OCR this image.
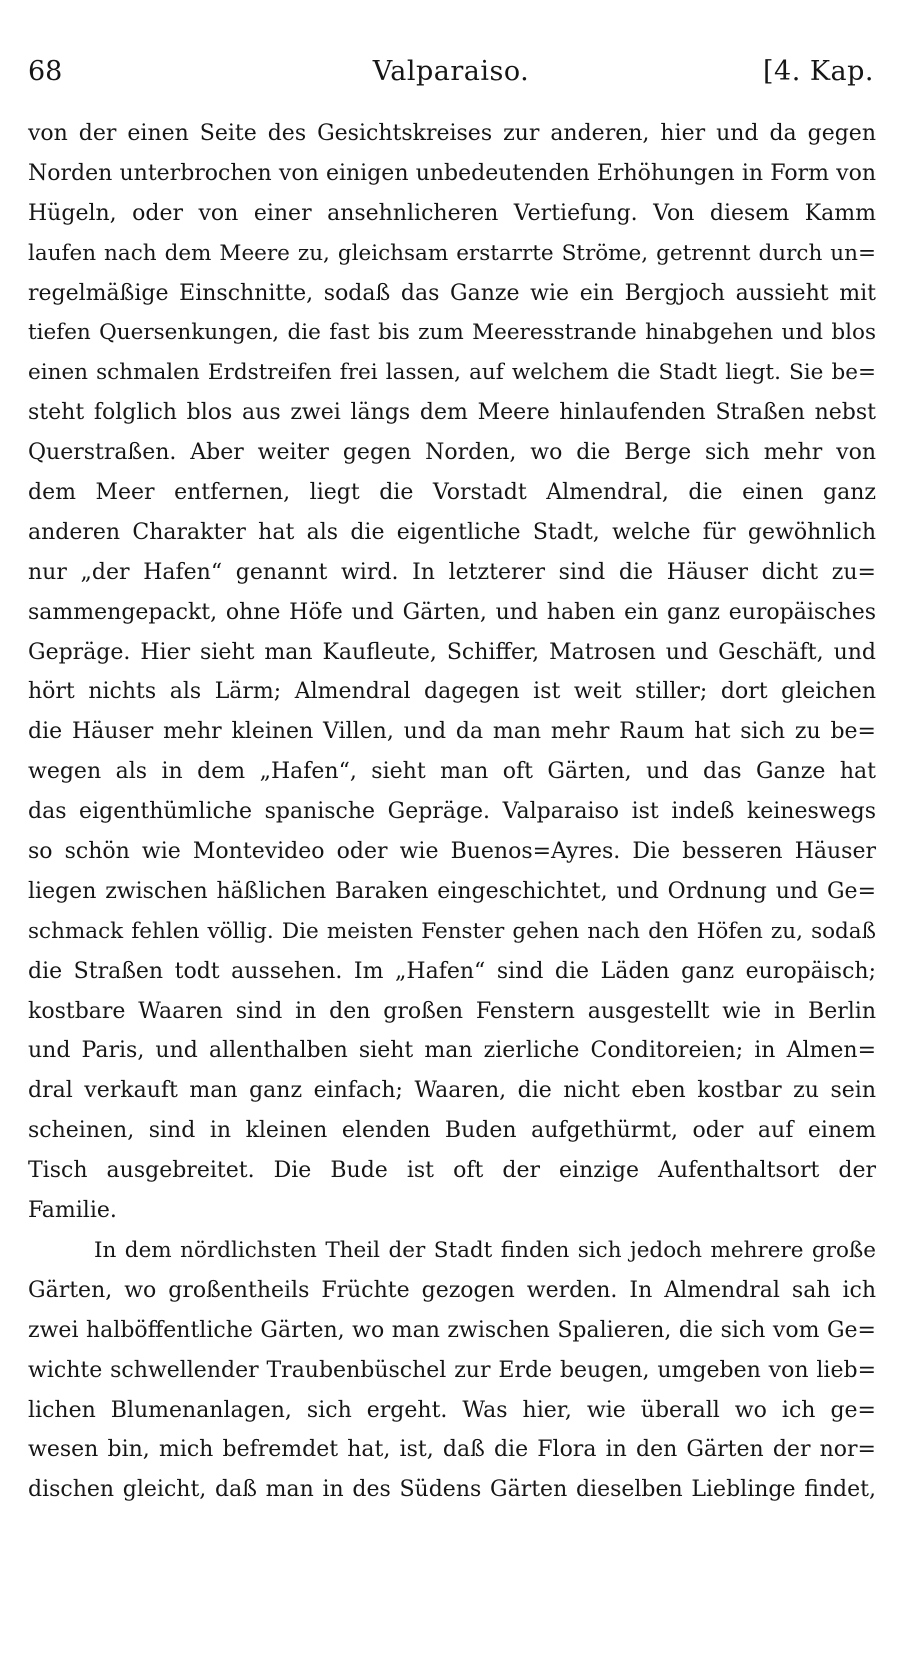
68	Valparaiso.	[4. Kap.
von der einen Seite des Gesichtskreises zur anderen, hier und da gegen
Norden unterbrochen von einigen unbedeutenden Erhöhungen in Form von
Hügeln, oder von einer ansehnlicheren Vertiefung. Von diesem Kamm
laufen nach dem Meere zu, gleichsam erstarrte Ströme, getrennt durch un=
regelmäßige Einschnitte, sodaß das Ganze wie ein Bergjoch aussieht mit
tiefen Quersenkungen, die fast bis zum Meeresstrande hinabgehen und blos
einen schmalen Erdstreifen frei lassen, auf welchem die Stadt liegt. Sie be=
steht folglich blos aus zwei längs dem Meere hinlaufenden Straßen nebst
Querstraßen. Aber weiter gegen Norden, wo die Berge sich mehr von
dem Meer entfernen, liegt die Vorstadt Almendral, die einen ganz
anderen Charakter hat als die eigentliche Stadt, welche für gewöhnlich
nur „der Hafen“ genannt wird. In letzterer sind die Häuser dicht zu=
sammengepackt, ohne Höfe und Gärten, und haben ein ganz europäisches
Gepräge. Hier sieht man Kaufleute, Schiffer, Matrosen und Geschäft, und
hört nichts als Lärm; Almendral dagegen ist weit stiller; dort gleichen
die Häuser mehr kleinen Villen, und da man mehr Raum hat sich zu be=
wegen als in dem „Hafen“, sieht man oft Gärten, und das Ganze hat
das eigenthümliche spanische Gepräge. Valparaiso ist indeß keineswegs
so schön wie Montevideo oder wie Buenos=Ayres. Die besseren Häuser
liegen zwischen häßlichen Baraken eingeschichtet, und Ordnung und Ge=
schmack fehlen völlig. Die meisten Fenster gehen nach den Höfen zu, sodaß
die Straßen todt aussehen. Im „Hafen“ sind die Läden ganz europäisch;
kostbare Waaren sind in den großen Fenstern ausgestellt wie in Berlin
und Paris, und allenthalben sieht man zierliche Conditoreien; in Almen=
dral verkauft man ganz einfach; Waaren, die nicht eben kostbar zu sein
scheinen, sind in kleinen elenden Buden aufgethürmt, oder auf einem
Tisch ausgebreitet. Die Bude ist oft der einzige Aufenthaltsort der
Familie.
In dem nördlichsten Theil der Stadt finden sich jedoch mehrere große
Gärten, wo großentheils Früchte gezogen werden. In Almendral sah ich
zwei halböffentliche Gärten, wo man zwischen Spalieren, die sich vom Ge=
wichte schwellender Traubenbüschel zur Erde beugen, umgeben von lieb=
lichen Blumenanlagen, sich ergeht. Was hier, wie überall wo ich ge=
wesen bin, mich befremdet hat, ist, daß die Flora in den Gärten der nor=
dischen gleicht, daß man in des Südens Gärten dieselben Lieblinge findet,
